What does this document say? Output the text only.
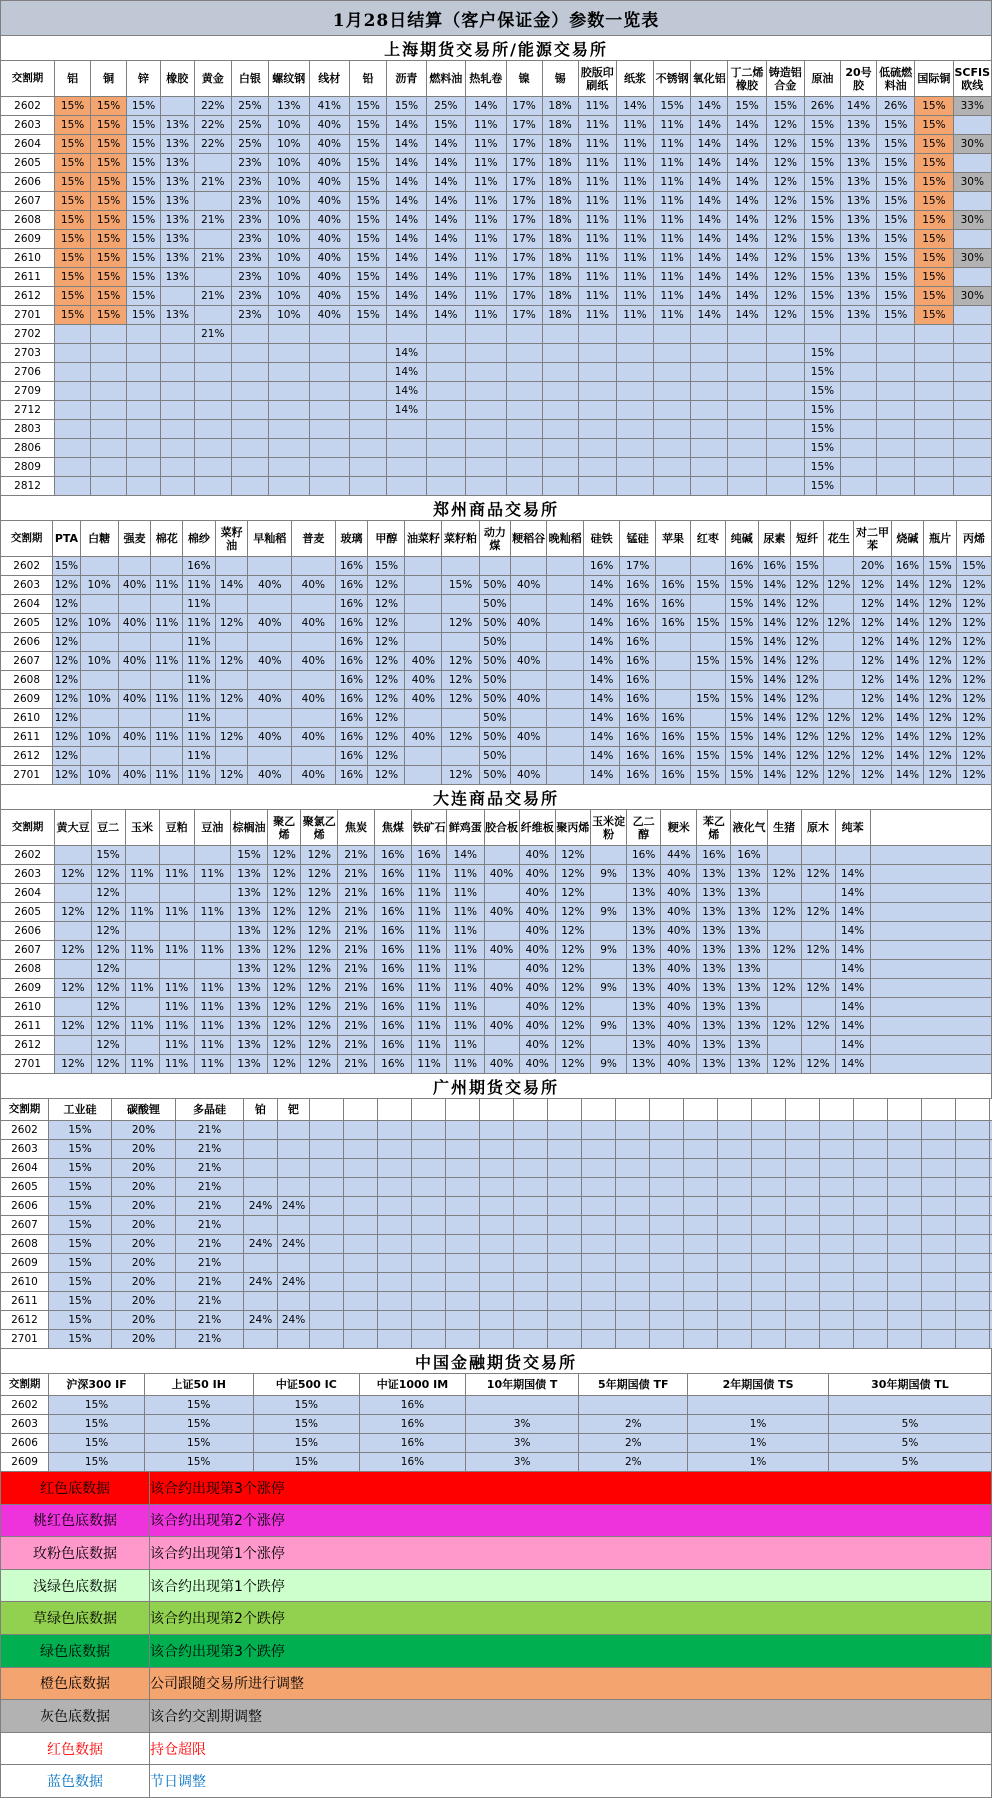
1月28日结算（客户保证金）参数一览表
上海期货交易所/能源交易所
交割期	铝	铜	锌	橡胶	黄金	白银	螺纹钢	线材	铅	沥青	燃料油	热轧卷	镍	锡	胶版印刷纸	纸浆	不锈钢	氧化铝	丁二烯橡胶	铸造铝合金	原油	20号胶	低硫燃料油	国际铜	SCFIS欧线
2602	15%	15%	15%		22%	25%	13%	41%	15%	15%	25%	14%	17%	18%	11%	14%	15%	14%	15%	15%	26%	14%	26%	15%	33%
2603	15%	15%	15%	13%	22%	25%	10%	40%	15%	14%	15%	11%	17%	18%	11%	11%	11%	14%	14%	12%	15%	13%	15%	15%	
2604	15%	15%	15%	13%	22%	25%	10%	40%	15%	14%	14%	11%	17%	18%	11%	11%	11%	14%	14%	12%	15%	13%	15%	15%	30%
2605	15%	15%	15%	13%		23%	10%	40%	15%	14%	14%	11%	17%	18%	11%	11%	11%	14%	14%	12%	15%	13%	15%	15%	
2606	15%	15%	15%	13%	21%	23%	10%	40%	15%	14%	14%	11%	17%	18%	11%	11%	11%	14%	14%	12%	15%	13%	15%	15%	30%
2607	15%	15%	15%	13%		23%	10%	40%	15%	14%	14%	11%	17%	18%	11%	11%	11%	14%	14%	12%	15%	13%	15%	15%	
2608	15%	15%	15%	13%	21%	23%	10%	40%	15%	14%	14%	11%	17%	18%	11%	11%	11%	14%	14%	12%	15%	13%	15%	15%	30%
2609	15%	15%	15%	13%		23%	10%	40%	15%	14%	14%	11%	17%	18%	11%	11%	11%	14%	14%	12%	15%	13%	15%	15%	
2610	15%	15%	15%	13%	21%	23%	10%	40%	15%	14%	14%	11%	17%	18%	11%	11%	11%	14%	14%	12%	15%	13%	15%	15%	30%
2611	15%	15%	15%	13%		23%	10%	40%	15%	14%	14%	11%	17%	18%	11%	11%	11%	14%	14%	12%	15%	13%	15%	15%	
2612	15%	15%	15%		21%	23%	10%	40%	15%	14%	14%	11%	17%	18%	11%	11%	11%	14%	14%	12%	15%	13%	15%	15%	30%
2701	15%	15%	15%	13%		23%	10%	40%	15%	14%	14%	11%	17%	18%	11%	11%	11%	14%	14%	12%	15%	13%	15%	15%	
2702					21%																				
2703										14%											15%				
2706										14%											15%				
2709										14%											15%				
2712										14%											15%				
2803																					15%				
2806																					15%				
2809																					15%				
2812																					15%				
郑州商品交易所
交割期	PTA	白糖	强麦	棉花	棉纱	菜籽油	早籼稻	普麦	玻璃	甲醇	油菜籽	菜籽粕	动力煤	粳稻谷	晚籼稻	硅铁	锰硅	苹果	红枣	纯碱	尿素	短纤	花生	对二甲苯	烧碱	瓶片	丙烯
2602	15%				16%				16%	15%						16%	17%			16%	16%	15%		20%	16%	15%	15%
2603	12%	10%	40%	11%	11%	14%	40%	40%	16%	12%		15%	50%	40%		14%	16%	16%	15%	15%	14%	12%	12%	12%	14%	12%	12%
2604	12%				11%				16%	12%			50%			14%	16%	16%		15%	14%	12%		12%	14%	12%	12%
2605	12%	10%	40%	11%	11%	12%	40%	40%	16%	12%		12%	50%	40%		14%	16%	16%	15%	15%	14%	12%	12%	12%	14%	12%	12%
2606	12%				11%				16%	12%			50%			14%	16%			15%	14%	12%		12%	14%	12%	12%
2607	12%	10%	40%	11%	11%	12%	40%	40%	16%	12%	40%	12%	50%	40%		14%	16%		15%	15%	14%	12%		12%	14%	12%	12%
2608	12%				11%				16%	12%	40%	12%	50%			14%	16%			15%	14%	12%		12%	14%	12%	12%
2609	12%	10%	40%	11%	11%	12%	40%	40%	16%	12%	40%	12%	50%	40%		14%	16%		15%	15%	14%	12%		12%	14%	12%	12%
2610	12%				11%				16%	12%			50%			14%	16%	16%		15%	14%	12%	12%	12%	14%	12%	12%
2611	12%	10%	40%	11%	11%	12%	40%	40%	16%	12%	40%	12%	50%	40%		14%	16%	16%	15%	15%	14%	12%	12%	12%	14%	12%	12%
2612	12%				11%				16%	12%			50%			14%	16%	16%	15%	15%	14%	12%	12%	12%	14%	12%	12%
2701	12%	10%	40%	11%	11%	12%	40%	40%	16%	12%		12%	50%	40%		14%	16%	16%	15%	15%	14%	12%	12%	12%	14%	12%	12%
大连商品交易所
交割期	黄大豆	豆二	玉米	豆粕	豆油	棕榈油	聚乙烯	聚氯乙烯	焦炭	焦煤	铁矿石	鲜鸡蛋	胶合板	纤维板	聚丙烯	玉米淀粉	乙二醇	粳米	苯乙烯	液化气	生猪	原木	纯苯	
2602		15%				15%	12%	12%	21%	16%	16%	14%		40%	12%		16%	44%	16%	16%				
2603	12%	12%	11%	11%	11%	13%	12%	12%	21%	16%	11%	11%	40%	40%	12%	9%	13%	40%	13%	13%	12%	12%	14%	
2604		12%				13%	12%	12%	21%	16%	11%	11%		40%	12%		13%	40%	13%	13%			14%	
2605	12%	12%	11%	11%	11%	13%	12%	12%	21%	16%	11%	11%	40%	40%	12%	9%	13%	40%	13%	13%	12%	12%	14%	
2606		12%				13%	12%	12%	21%	16%	11%	11%		40%	12%		13%	40%	13%	13%			14%	
2607	12%	12%	11%	11%	11%	13%	12%	12%	21%	16%	11%	11%	40%	40%	12%	9%	13%	40%	13%	13%	12%	12%	14%	
2608		12%				13%	12%	12%	21%	16%	11%	11%		40%	12%		13%	40%	13%	13%			14%	
2609	12%	12%	11%	11%	11%	13%	12%	12%	21%	16%	11%	11%	40%	40%	12%	9%	13%	40%	13%	13%	12%	12%	14%	
2610		12%		11%	11%	13%	12%	12%	21%	16%	11%	11%		40%	12%		13%	40%	13%	13%			14%	
2611	12%	12%	11%	11%	11%	13%	12%	12%	21%	16%	11%	11%	40%	40%	12%	9%	13%	40%	13%	13%	12%	12%	14%	
2612		12%		11%	11%	13%	12%	12%	21%	16%	11%	11%		40%	12%		13%	40%	13%	13%			14%	
2701	12%	12%	11%	11%	11%	13%	12%	12%	21%	16%	11%	11%	40%	40%	12%	9%	13%	40%	13%	13%	12%	12%	14%	
广州期货交易所
交割期	工业硅	碳酸锂	多晶硅	铂	钯																						
2602	15%	20%	21%																								
2603	15%	20%	21%																								
2604	15%	20%	21%																								
2605	15%	20%	21%																								
2606	15%	20%	21%	24%	24%																						
2607	15%	20%	21%																								
2608	15%	20%	21%	24%	24%																						
2609	15%	20%	21%																								
2610	15%	20%	21%	24%	24%																						
2611	15%	20%	21%																								
2612	15%	20%	21%	24%	24%																						
2701	15%	20%	21%																								
中国金融期货交易所
交割期	沪深300 IF	上证50 IH	中证500 IC	中证1000 IM	10年期国债 T	5年期国债 TF	2年期国债 TS	30年期国债 TL
2602	15%	15%	15%	16%				
2603	15%	15%	15%	16%	3%	2%	1%	5%
2606	15%	15%	15%	16%	3%	2%	1%	5%
2609	15%	15%	15%	16%	3%	2%	1%	5%
红色底数据	该合约出现第3个涨停
桃红色底数据	该合约出现第2个涨停
玫粉色底数据	该合约出现第1个涨停
浅绿色底数据	该合约出现第1个跌停
草绿色底数据	该合约出现第2个跌停
绿色底数据	该合约出现第3个跌停
橙色底数据	公司跟随交易所进行调整
灰色底数据	该合约交割期调整
红色数据	持仓超限
蓝色数据	节日调整
